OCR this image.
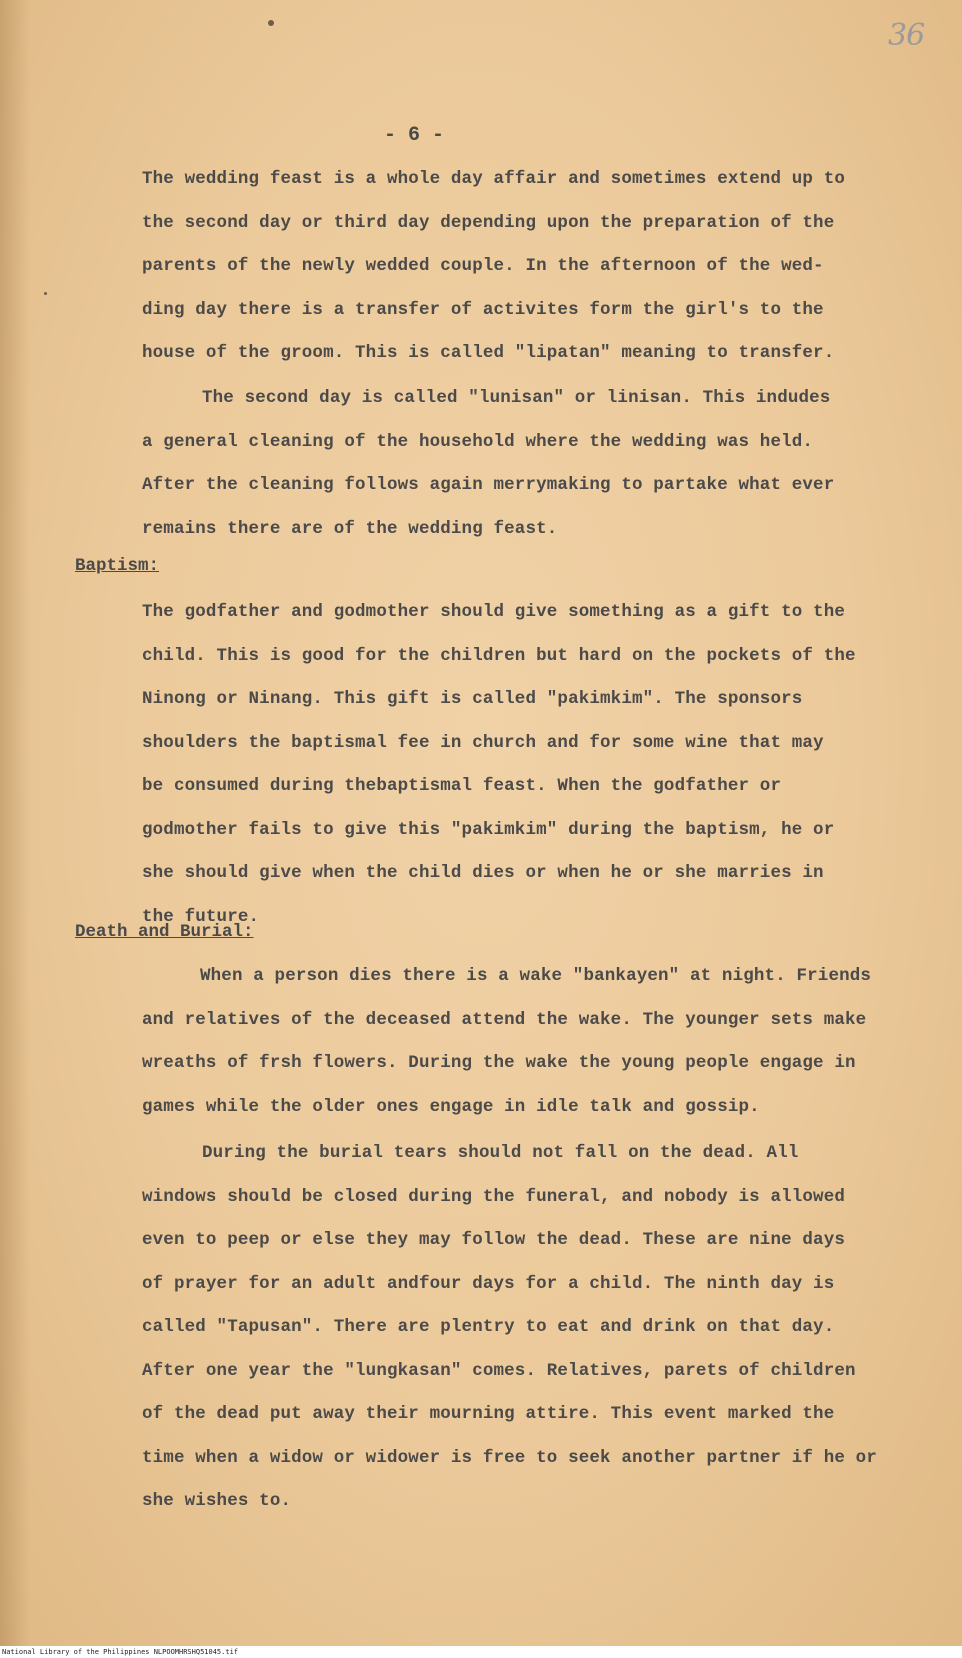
36
- 6 -
The wedding feast is a whole day affair and sometimes extend up to
the second day or third day depending upon the preparation of the
parents of the newly wedded couple. In the afternoon of the wed-
ding day there is a transfer of activites form the girl's to the
house of the groom. This is called "lipatan" meaning to transfer.
The second day is called "lunisan" or linisan. This indudes
a general cleaning of the household where the wedding was held.
After the cleaning follows again merrymaking to partake what ever
remains there are of the wedding feast.
Baptism:
The godfather and godmother should give something as a gift to the
child. This is good for the children but hard on the pockets of the
Ninong or Ninang. This gift is called "pakimkim". The sponsors
shoulders the baptismal fee in church and for some wine that may
be consumed during thebaptismal feast. When the godfather or
godmother fails to give this "pakimkim" during the baptism, he or
she should give when the child dies or when he or she marries in
the future.
Death and Burial:
When a person dies there is a wake "bankayen" at night. Friends
and relatives of the deceased attend the wake. The younger sets make
wreaths of frsh flowers. During the wake the young people engage in
games while the older ones engage in idle talk and gossip.
During the burial tears should not fall on the dead. All
windows should be closed during the funeral, and nobody is allowed
even to peep or else they may follow the dead. These are nine days
of prayer for an adult andfour days for a child. The ninth day is
called "Tapusan". There are plentry to eat and drink on that day.
After one year the "lungkasan" comes. Relatives, parets of children
of the dead put away their mourning attire. This event marked the
time when a widow or widower is free to seek another partner if he or
she wishes to.
National Library of the Philippines NLPOOMHRSHQ51045.tif
